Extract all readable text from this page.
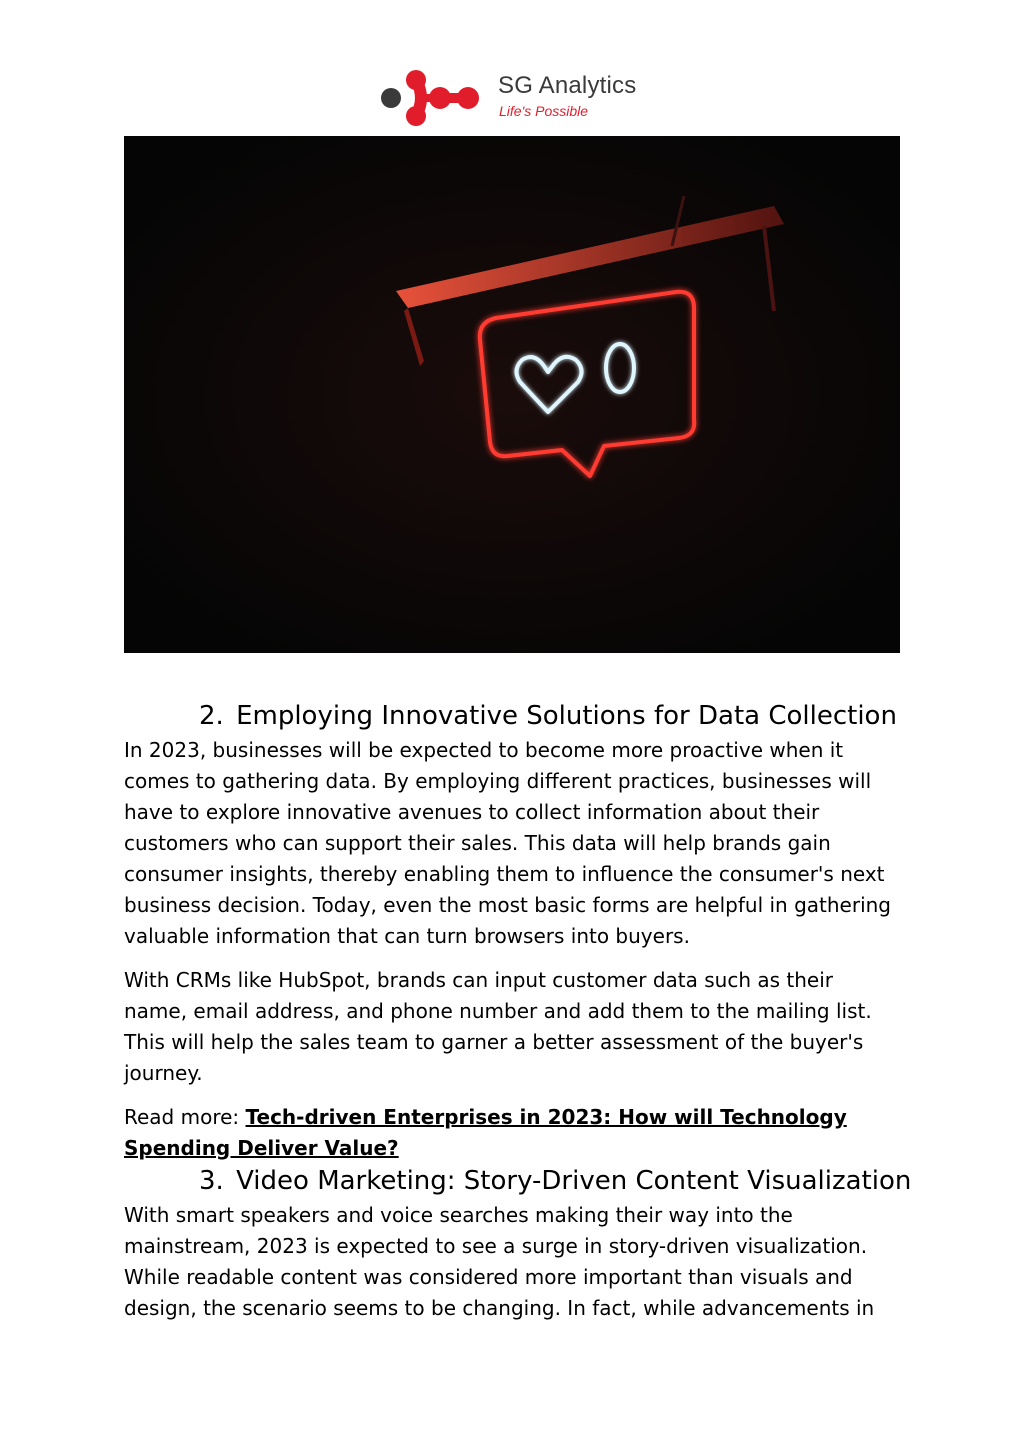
SG Analytics
Life's Possible
2. Employing Innovative Solutions for Data Collection

In 2023, businesses will be expected to become more proactive when it comes to gathering data. By employing different practices, businesses will have to explore innovative avenues to collect information about their customers who can support their sales. This data will help brands gain consumer insights, thereby enabling them to influence the consumer's next business decision. Today, even the most basic forms are helpful in gathering valuable information that can turn browsers into buyers.

With CRMs like HubSpot, brands can input customer data such as their name, email address, and phone number and add them to the mailing list. This will help the sales team to garner a better assessment of the buyer's journey.

Read more: Tech-driven Enterprises in 2023: How will Technology Spending Deliver Value?

3. Video Marketing: Story-Driven Content Visualization

With smart speakers and voice searches making their way into the mainstream, 2023 is expected to see a surge in story-driven visualization. While readable content was considered more important than visuals and design, the scenario seems to be changing. In fact, while advancements in
